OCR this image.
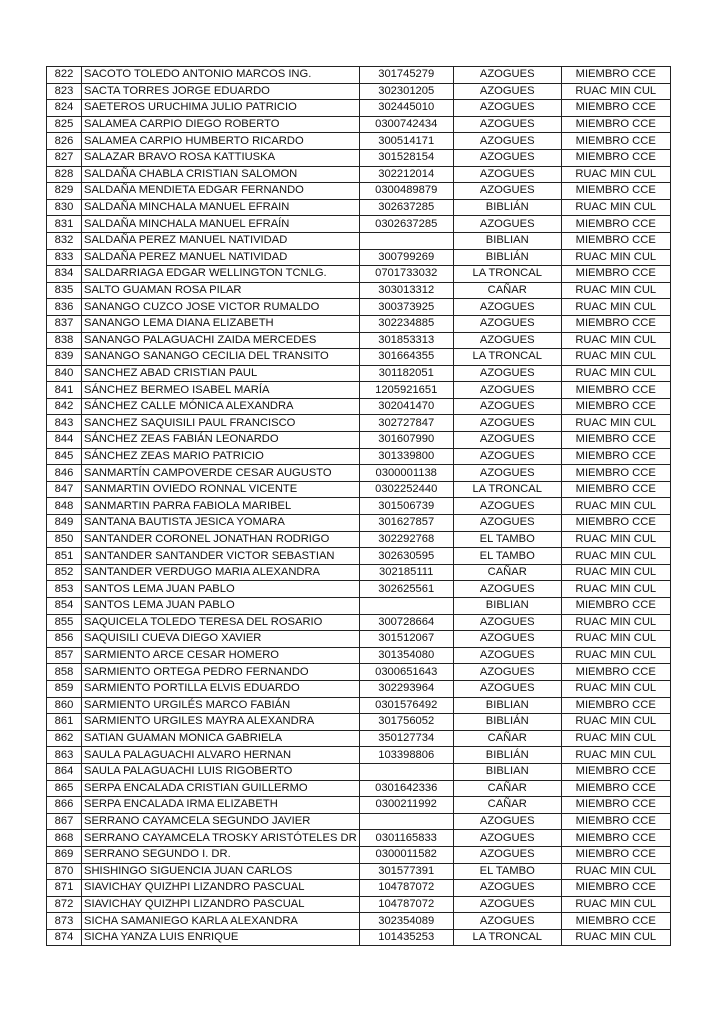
822	SACOTO TOLEDO ANTONIO MARCOS ING.	301745279	AZOGUES	MIEMBRO CCE
823	SACTA TORRES JORGE EDUARDO	302301205	AZOGUES	RUAC MIN CUL
824	SAETEROS URUCHIMA JULIO PATRICIO	302445010	AZOGUES	MIEMBRO CCE
825	SALAMEA CARPIO DIEGO ROBERTO	0300742434	AZOGUES	MIEMBRO CCE
826	SALAMEA CARPIO HUMBERTO RICARDO	300514171	AZOGUES	MIEMBRO CCE
827	SALAZAR BRAVO ROSA KATTIUSKA	301528154	AZOGUES	MIEMBRO CCE
828	SALDAÑA CHABLA CRISTIAN SALOMON	302212014	AZOGUES	RUAC MIN CUL
829	SALDAÑA MENDIETA EDGAR FERNANDO	0300489879	AZOGUES	MIEMBRO CCE
830	SALDAÑA MINCHALA MANUEL EFRAIN	302637285	BIBLIÁN	RUAC MIN CUL
831	SALDAÑA MINCHALA MANUEL EFRAÍN	0302637285	AZOGUES	MIEMBRO CCE
832	SALDAÑA PEREZ MANUEL NATIVIDAD		BIBLIAN	MIEMBRO CCE
833	SALDAÑA PEREZ MANUEL NATIVIDAD	300799269	BIBLIÁN	RUAC MIN CUL
834	SALDARRIAGA EDGAR WELLINGTON TCNLG.	0701733032	LA TRONCAL	MIEMBRO CCE
835	SALTO GUAMAN ROSA PILAR	303013312	CAÑAR	RUAC MIN CUL
836	SANANGO CUZCO JOSE VICTOR RUMALDO	300373925	AZOGUES	RUAC MIN CUL
837	SANANGO LEMA DIANA ELIZABETH	302234885	AZOGUES	MIEMBRO CCE
838	SANANGO PALAGUACHI ZAIDA MERCEDES	301853313	AZOGUES	RUAC MIN CUL
839	SANANGO SANANGO CECILIA DEL TRANSITO	301664355	LA TRONCAL	RUAC MIN CUL
840	SANCHEZ ABAD CRISTIAN PAUL	301182051	AZOGUES	RUAC MIN CUL
841	SÁNCHEZ BERMEO ISABEL MARÍA	1205921651	AZOGUES	MIEMBRO CCE
842	SÁNCHEZ CALLE MÓNICA ALEXANDRA	302041470	AZOGUES	MIEMBRO CCE
843	SANCHEZ SAQUISILI PAUL FRANCISCO	302727847	AZOGUES	RUAC MIN CUL
844	SÁNCHEZ ZEAS FABIÁN LEONARDO	301607990	AZOGUES	MIEMBRO CCE
845	SÁNCHEZ ZEAS MARIO PATRICIO	301339800	AZOGUES	MIEMBRO CCE
846	SANMARTÍN CAMPOVERDE CESAR AUGUSTO	0300001138	AZOGUES	MIEMBRO CCE
847	SANMARTIN OVIEDO RONNAL VICENTE	0302252440	LA TRONCAL	MIEMBRO CCE
848	SANMARTIN PARRA FABIOLA MARIBEL	301506739	AZOGUES	RUAC MIN CUL
849	SANTANA BAUTISTA JESICA YOMARA	301627857	AZOGUES	MIEMBRO CCE
850	SANTANDER CORONEL JONATHAN RODRIGO	302292768	EL TAMBO	RUAC MIN CUL
851	SANTANDER SANTANDER VICTOR SEBASTIAN	302630595	EL TAMBO	RUAC MIN CUL
852	SANTANDER VERDUGO MARIA ALEXANDRA	302185111	CAÑAR	RUAC MIN CUL
853	SANTOS LEMA JUAN PABLO	302625561	AZOGUES	RUAC MIN CUL
854	SANTOS LEMA JUAN PABLO		BIBLIAN	MIEMBRO CCE
855	SAQUICELA TOLEDO TERESA DEL ROSARIO	300728664	AZOGUES	RUAC MIN CUL
856	SAQUISILI CUEVA DIEGO XAVIER	301512067	AZOGUES	RUAC MIN CUL
857	SARMIENTO ARCE CESAR HOMERO	301354080	AZOGUES	RUAC MIN CUL
858	SARMIENTO ORTEGA PEDRO FERNANDO	0300651643	AZOGUES	MIEMBRO CCE
859	SARMIENTO PORTILLA ELVIS EDUARDO	302293964	AZOGUES	RUAC MIN CUL
860	SARMIENTO URGILÉS MARCO FABIÁN	0301576492	BIBLIAN	MIEMBRO CCE
861	SARMIENTO URGILES MAYRA ALEXANDRA	301756052	BIBLIÁN	RUAC MIN CUL
862	SATIAN GUAMAN MONICA GABRIELA	350127734	CAÑAR	RUAC MIN CUL
863	SAULA PALAGUACHI ALVARO HERNAN	103398806	BIBLIÁN	RUAC MIN CUL
864	SAULA PALAGUACHI LUIS RIGOBERTO		BIBLIAN	MIEMBRO CCE
865	SERPA ENCALADA CRISTIAN GUILLERMO	0301642336	CAÑAR	MIEMBRO CCE
866	SERPA ENCALADA IRMA ELIZABETH	0300211992	CAÑAR	MIEMBRO CCE
867	SERRANO CAYAMCELA SEGUNDO JAVIER		AZOGUES	MIEMBRO CCE
868	SERRANO CAYAMCELA TROSKY ARISTÓTELES DR	0301165833	AZOGUES	MIEMBRO CCE
869	SERRANO SEGUNDO I. DR.	0300011582	AZOGUES	MIEMBRO CCE
870	SHISHINGO SIGUENCIA JUAN CARLOS	301577391	EL TAMBO	RUAC MIN CUL
871	SIAVICHAY QUIZHPI LIZANDRO PASCUAL	104787072	AZOGUES	MIEMBRO CCE
872	SIAVICHAY QUIZHPI LIZANDRO PASCUAL	104787072	AZOGUES	RUAC MIN CUL
873	SICHA SAMANIEGO KARLA ALEXANDRA	302354089	AZOGUES	MIEMBRO CCE
874	SICHA YANZA LUIS ENRIQUE	101435253	LA TRONCAL	RUAC MIN CUL
